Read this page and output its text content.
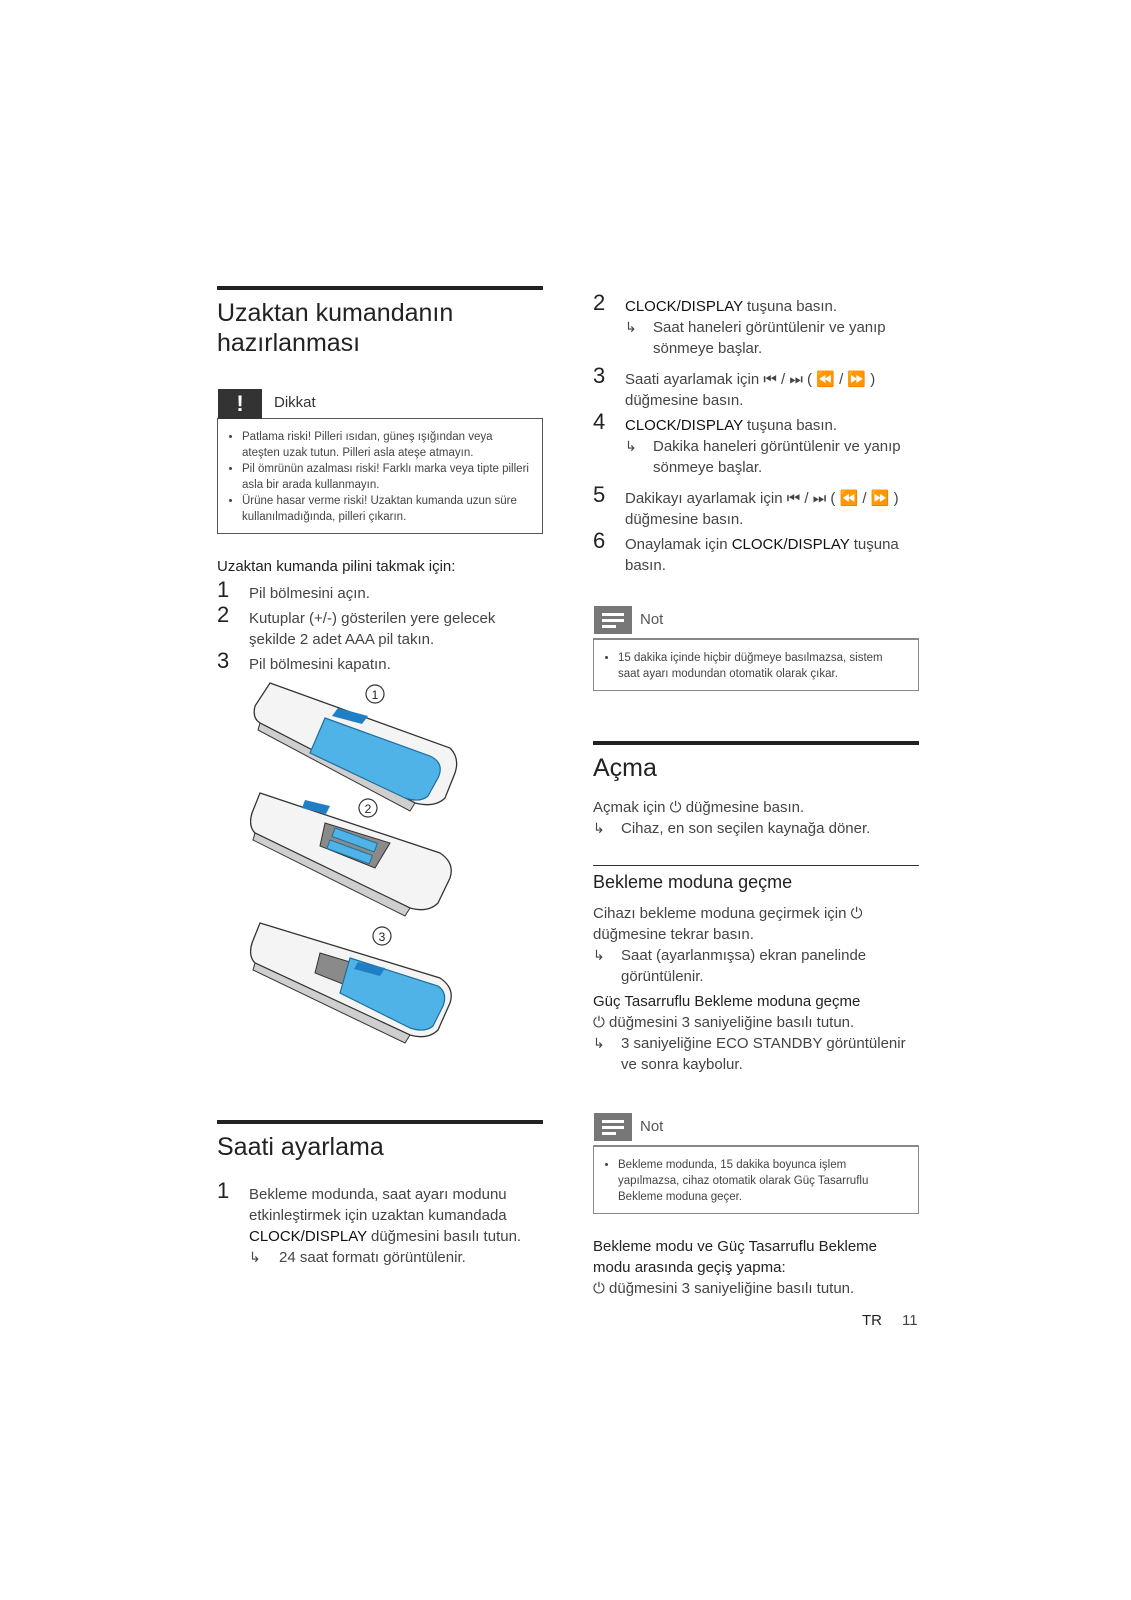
Uzaktan kumandanın hazırlanması
!	Dikkat
• Patlama riski! Pilleri ısıdan, güneş ışığından veya ateşten uzak tutun. Pilleri asla ateşe atmayın.
• Pil ömrünün azalması riski! Farklı marka veya tipte pilleri asla bir arada kullanmayın.
• Ürüne hasar verme riski! Uzaktan kumanda uzun süre kullanılmadığında, pilleri çıkarın.
Uzaktan kumanda pilini takmak için:
1 Pil bölmesini açın.
2 Kutuplar (+/-) gösterilen yere gelecek şekilde 2 adet AAA pil takın.
3 Pil bölmesini kapatın.
1
2
3
Saati ayarlama
1 Bekleme modunda, saat ayarı modunu etkinleştirmek için uzaktan kumandada CLOCK/DISPLAY düğmesini basılı tutun.
↳ 24 saat formatı görüntülenir.
2 CLOCK/DISPLAY tuşuna basın.
↳ Saat haneleri görüntülenir ve yanıp sönmeye başlar.
3 Saati ayarlamak için ⏮ / ⏭ ( ⏪ / ⏩ ) düğmesine basın.
4 CLOCK/DISPLAY tuşuna basın.
↳ Dakika haneleri görüntülenir ve yanıp sönmeye başlar.
5 Dakikayı ayarlamak için ⏮ / ⏭ ( ⏪ / ⏩ ) düğmesine basın.
6 Onaylamak için CLOCK/DISPLAY tuşuna basın.
Not
• 15 dakika içinde hiçbir düğmeye basılmazsa, sistem saat ayarı modundan otomatik olarak çıkar.
Açma
Açmak için ⏻ düğmesine basın.
↳ Cihaz, en son seçilen kaynağa döner.
Bekleme moduna geçme
Cihazı bekleme moduna geçirmek için ⏻ düğmesine tekrar basın.
↳ Saat (ayarlanmışsa) ekran panelinde görüntülenir.
Güç Tasarruflu Bekleme moduna geçme
⏻ düğmesini 3 saniyeliğine basılı tutun.
↳ 3 saniyeliğine ECO STANDBY görüntülenir ve sonra kaybolur.
Not
• Bekleme modunda, 15 dakika boyunca işlem yapılmazsa, cihaz otomatik olarak Güç Tasarruflu Bekleme moduna geçer.
Bekleme modu ve Güç Tasarruflu Bekleme modu arasında geçiş yapma:
⏻ düğmesini 3 saniyeliğine basılı tutun.
TR 11
